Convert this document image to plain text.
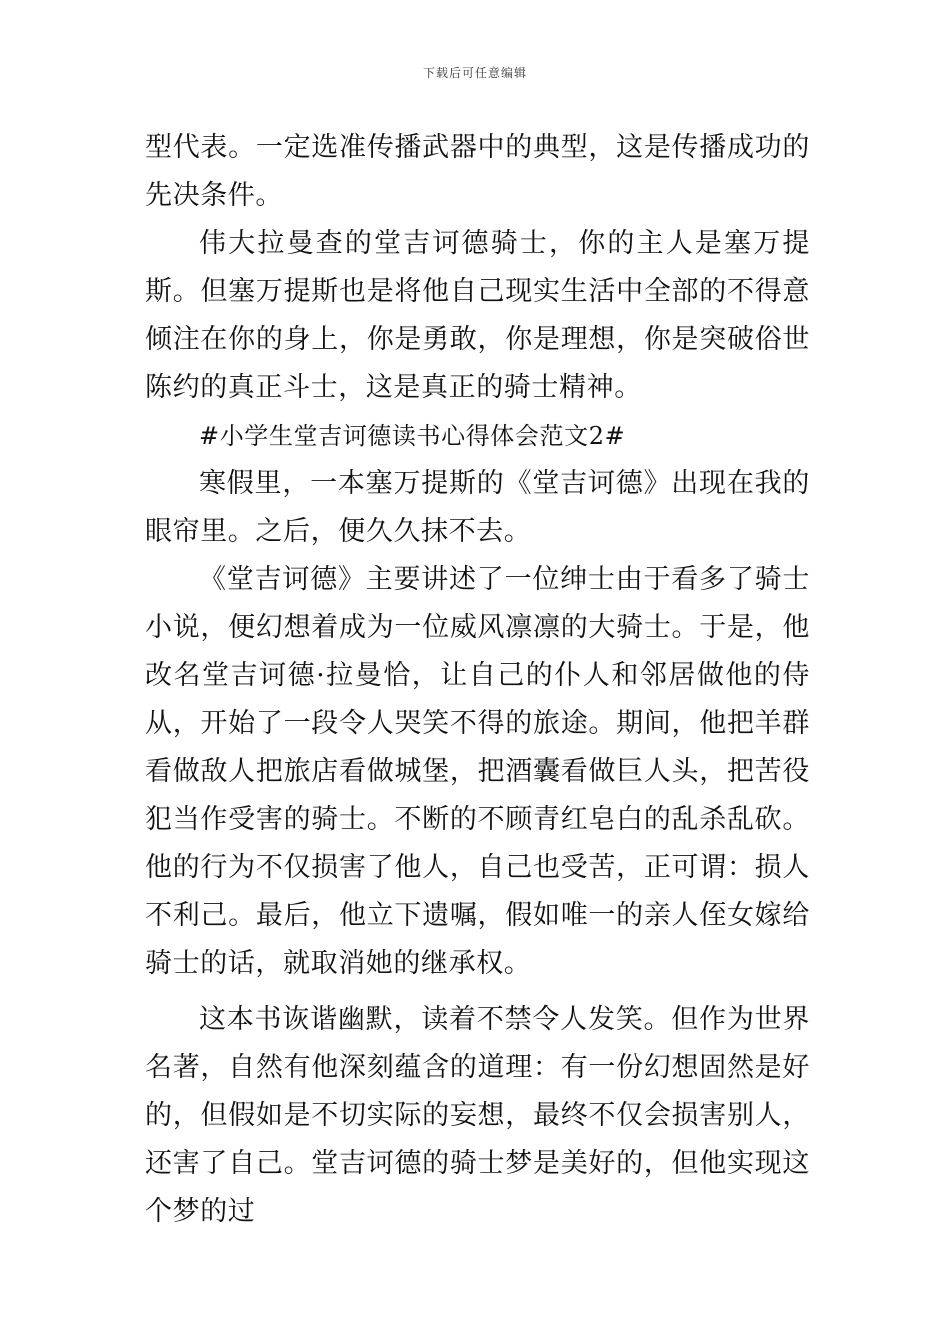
下载后可任意编辑

型代表。一定选准传播武器中的典型，这是传播成功的先决条件。

伟大拉曼查的堂吉诃德骑士，你的主人是塞万提斯。但塞万提斯也是将他自己现实生活中全部的不得意倾注在你的身上，你是勇敢，你是理想，你是突破俗世陈约的真正斗士，这是真正的骑士精神。

#小学生堂吉诃德读书心得体会范文2#

寒假里，一本塞万提斯的《堂吉诃德》出现在我的眼帘里。之后，便久久抹不去。

《堂吉诃德》主要讲述了一位绅士由于看多了骑士小说，便幻想着成为一位威风凛凛的大骑士。于是，他改名堂吉诃德·拉曼恰，让自己的仆人和邻居做他的侍从，开始了一段令人哭笑不得的旅途。期间，他把羊群看做敌人把旅店看做城堡，把酒囊看做巨人头，把苦役犯当作受害的骑士。不断的不顾青红皂白的乱杀乱砍。他的行为不仅损害了他人，自己也受苦，正可谓：损人不利己。最后，他立下遗嘱，假如唯一的亲人侄女嫁给骑士的话，就取消她的继承权。

这本书诙谐幽默，读着不禁令人发笑。但作为世界名著，自然有他深刻蕴含的道理：有一份幻想固然是好的，但假如是不切实际的妄想，最终不仅会损害别人，还害了自己。堂吉诃德的骑士梦是美好的，但他实现这个梦的过
